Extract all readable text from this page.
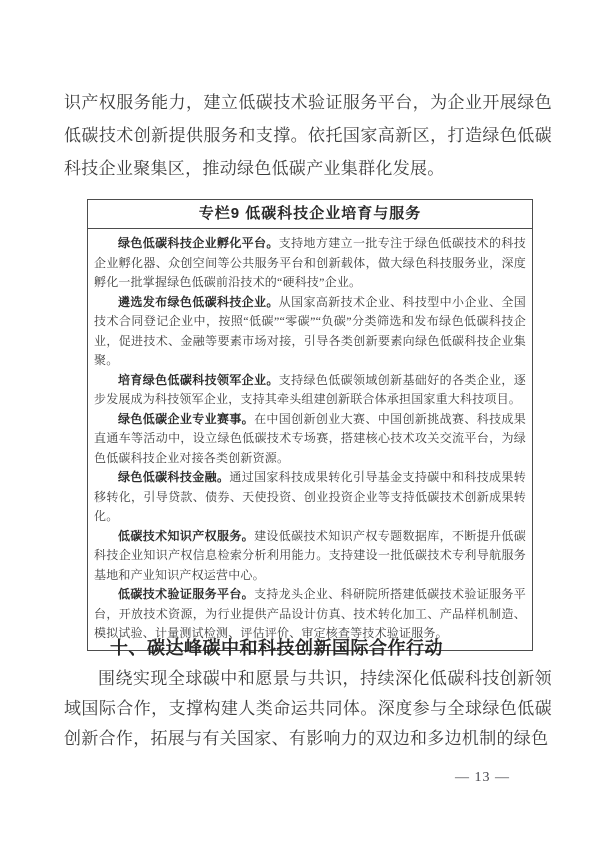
识产权服务能力，建立低碳技术验证服务平台，为企业开展绿色低碳技术创新提供服务和支撑。依托国家高新区，打造绿色低碳科技企业聚集区，推动绿色低碳产业集群化发展。

专栏9 低碳科技企业培育与服务

绿色低碳科技企业孵化平台。支持地方建立一批专注于绿色低碳技术的科技企业孵化器、众创空间等公共服务平台和创新载体，做大绿色科技服务业，深度孵化一批掌握绿色低碳前沿技术的“硬科技”企业。

遴选发布绿色低碳科技企业。从国家高新技术企业、科技型中小企业、全国技术合同登记企业中，按照“低碳”“零碳”“负碳”分类筛选和发布绿色低碳科技企业，促进技术、金融等要素市场对接，引导各类创新要素向绿色低碳科技企业集聚。

培育绿色低碳科技领军企业。支持绿色低碳领域创新基础好的各类企业，逐步发展成为科技领军企业，支持其牵头组建创新联合体承担国家重大科技项目。

绿色低碳企业专业赛事。在中国创新创业大赛、中国创新挑战赛、科技成果直通车等活动中，设立绿色低碳技术专场赛，搭建核心技术攻关交流平台，为绿色低碳科技企业对接各类创新资源。

绿色低碳科技金融。通过国家科技成果转化引导基金支持碳中和科技成果转移转化，引导贷款、债券、天使投资、创业投资企业等支持低碳技术创新成果转化。

低碳技术知识产权服务。建设低碳技术知识产权专题数据库，不断提升低碳科技企业知识产权信息检索分析利用能力。支持建设一批低碳技术专利导航服务基地和产业知识产权运营中心。

低碳技术验证服务平台。支持龙头企业、科研院所搭建低碳技术验证服务平台，开放技术资源，为行业提供产品设计仿真、技术转化加工、产品样机制造、模拟试验、计量测试检测、评估评价、审定核查等技术验证服务。

十、碳达峰碳中和科技创新国际合作行动

围绕实现全球碳中和愿景与共识，持续深化低碳科技创新领域国际合作，支撑构建人类命运共同体。深度参与全球绿色低碳创新合作，拓展与有关国家、有影响力的双边和多边机制的绿色

— 13 —
